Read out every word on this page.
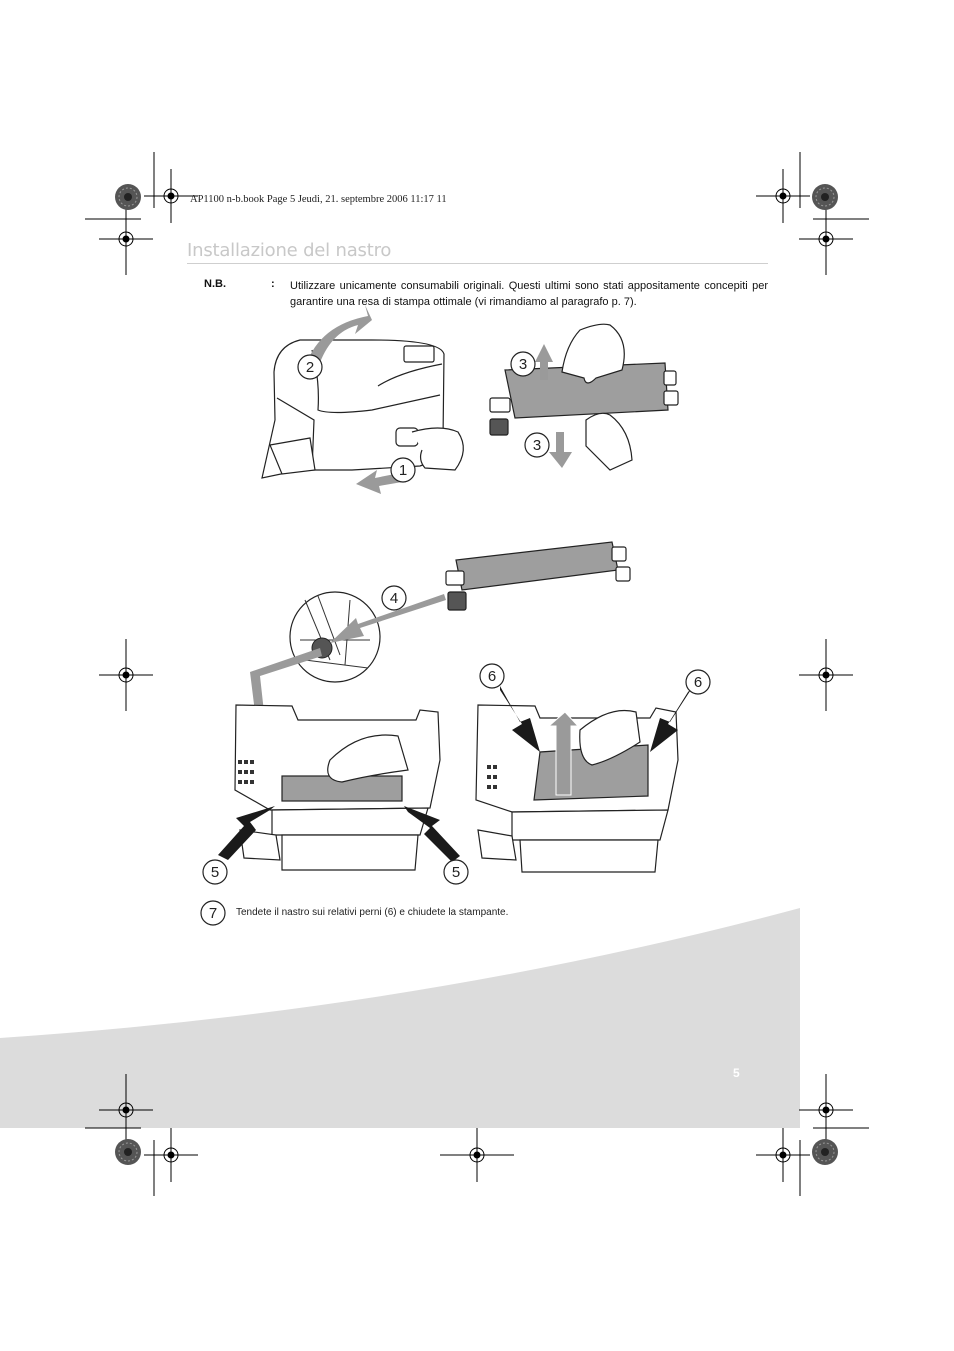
2
1
3
3
4
6	6
5	5
7
AP1100 n-b.book Page 5 Jeudi, 21. septembre 2006 11:17 11
Installazione del nastro
N.B.	: Utilizzare unicamente consumabili originali. Questi ultimi sono stati appositamente concepiti per garantire una resa di stampa ottimale (vi rimandiamo al paragrafo p. 7).
Tendete il nastro sui relativi perni (6) e chiudete la stampante.
5
